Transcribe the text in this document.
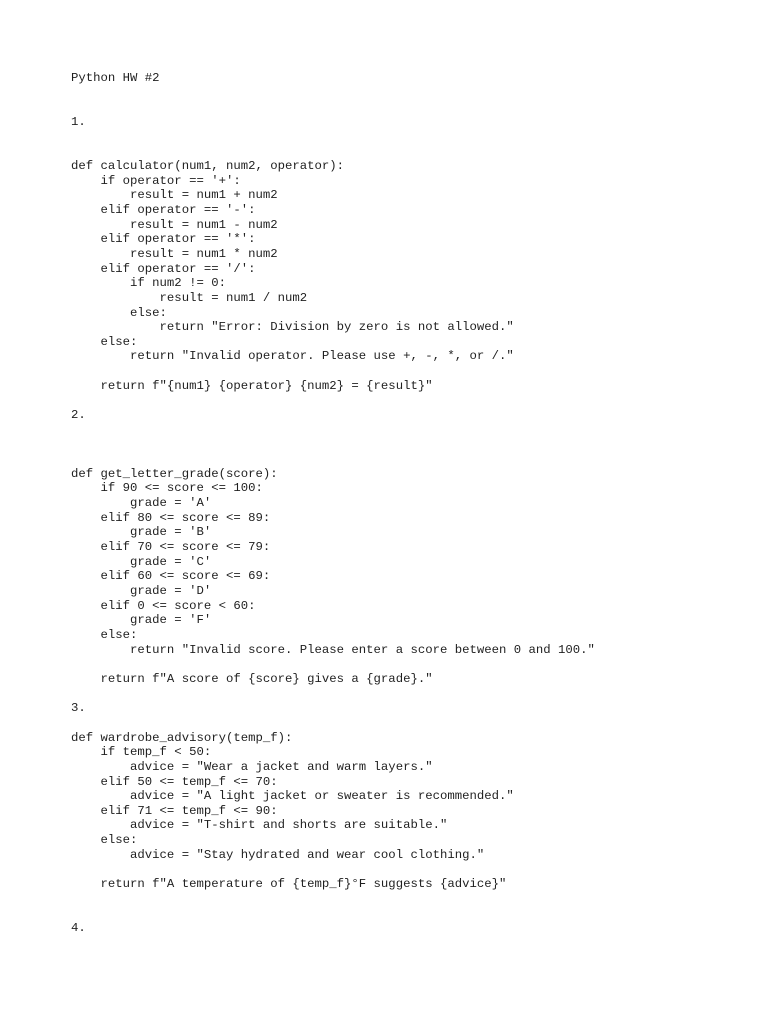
Python HW #2
1.
def calculator(num1, num2, operator):
if operator == '+':
result = num1 + num2
elif operator == '-':
result = num1 - num2
elif operator == '*':
result = num1 * num2
elif operator == '/':
if num2 != 0:
result = num1 / num2
else:
return "Error: Division by zero is not allowed."
else:
return "Invalid operator. Please use +, -, *, or /."
return f"{num1} {operator} {num2} = {result}"
2.
def get_letter_grade(score):
if 90 <= score <= 100:
grade = 'A'
elif 80 <= score <= 89:
grade = 'B'
elif 70 <= score <= 79:
grade = 'C'
elif 60 <= score <= 69:
grade = 'D'
elif 0 <= score < 60:
grade = 'F'
else:
return "Invalid score. Please enter a score between 0 and 100."
return f"A score of {score} gives a {grade}."
3.
def wardrobe_advisory(temp_f):
if temp_f < 50:
advice = "Wear a jacket and warm layers."
elif 50 <= temp_f <= 70:
advice = "A light jacket or sweater is recommended."
elif 71 <= temp_f <= 90:
advice = "T-shirt and shorts are suitable."
else:
advice = "Stay hydrated and wear cool clothing."
return f"A temperature of {temp_f}°F suggests {advice}"
4.
